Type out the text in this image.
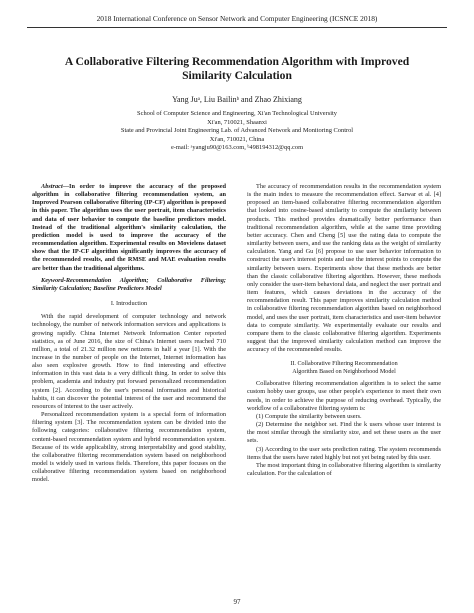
2018 International Conference on Sensor Network and Computer Engineering (ICSNCE 2018)
A Collaborative Filtering Recommendation Algorithm with Improved Similarity Calculation
Yang Juᵃ, Liu Bailinᵇ and Zhao Zhixiang
School of Computer Science and Engineering, Xi'an Technological University
Xi'an, 710021, Shaanxi
State and Provincial Joint Engineering Lab. of Advanced Network and Monitoring Control
Xi'an, 710021, China
e-mail: ᵃyangju90@163.com, ᵇ498194312@qq.com

Abstract—In order to improve the accuracy of the proposed algorithm in collaborative filtering recommendation system, an Improved Pearson collaborative filtering (IP-CF) algorithm is proposed in this paper. The algorithm uses the user portrait, item characteristics and data of user behavior to compute the baseline predictors model. Instead of the traditional algorithm's similarity calculation, the prediction model is used to improve the accuracy of the recommendation algorithm. Experimental results on Movielens dataset show that the IP-CF algorithm significantly improves the accuracy of the recommended results, and the RMSE and MAE evaluation results are better than the traditional algorithms.

Keyword-Recommendation Algorithm; Collaborative Filtering; Similarity Calculation; Baseline Predictors Model

I. Introduction

With the rapid development of computer technology and network technology, the number of network information services and applications is growing rapidly. China Internet Network Information Center reported statistics, as of June 2016, the size of China's Internet users reached 710 million, a total of 21.32 million new netizens in half a year [1]. With the increase in the number of people on the Internet, Internet information has also seen explosive growth. How to find interesting and effective information in this vast data is a very difficult thing. In order to solve this problem, academia and industry put forward personalized recommendation system [2]. According to the user's personal information and historical habits, it can discover the potential interest of the user and recommend the resources of interest to the user actively.

Personalized recommendation system is a special form of information filtering system [3]. The recommendation system can be divided into the following categories: collaborative filtering recommendation system, content-based recommendation system and hybrid recommendation system. Because of its wide applicability, strong interpretability and good stability, the collaborative filtering recommendation system based on neighborhood model is widely used in various fields. Therefore, this paper focuses on the collaborative filtering recommendation system based on neighborhood model.

The accuracy of recommendation results in the recommendation system is the main index to measure the recommendation effect. Sarwar et al. [4] proposed an item-based collaborative filtering recommendation algorithm that looked into cosine-based similarity to compute the similarity between products. This method provides dramatically better performance than traditional recommendation algorithm, while at the same time providing better accuracy. Chen and Cheng [5] use the rating data to compute the similarity between users, and use the ranking data as the weight of similarity calculation. Yang and Gu [6] propose to use user behavior information to construct the user's interest points and use the interest points to compute the similarity between users. Experiments show that these methods are better than the classic collaborative filtering algorithm. However, these methods only consider the user-item behavioral data, and neglect the user portrait and item features, which causes deviations in the accuracy of the recommendation result. This paper improves similarity calculation method in collaborative filtering recommendation algorithm based on neighborhood model, and uses the user portrait, item characteristics and user-item behavior data to compute similarity. We experimentally evaluate our results and compare them to the classic collaborative filtering algorithm. Experiments suggest that the improved similarity calculation method can improve the accuracy of the recommended results.

II. Collaborative Filtering Recommendation
Algorithm Based on Neighborhood Model

Collaborative filtering recommendation algorithm is to select the same custom hobby user groups, use other people's experience to meet their own needs, in order to achieve the purpose of reducing overhead. Typically, the workflow of a collaborative filtering system is:

(1) Compute the similarity between users.

(2) Determine the neighbor set. Find the k users whose user interest is the most similar through the similarity size, and set these users as the user sets.

(3) According to the user sets prediction rating. The system recommends items that the users have rated highly but not yet being rated by this user.

The most important thing in collaborative filtering algorithm is similarity calculation. For the calculation of

97
